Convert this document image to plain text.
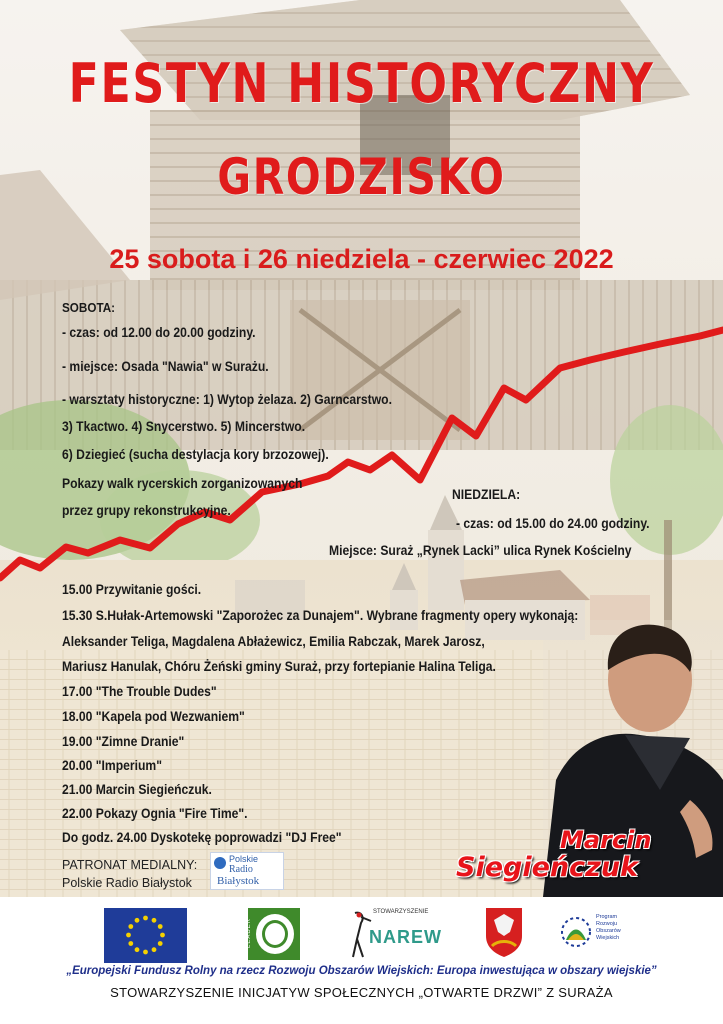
FESTYN HISTORYCZNY
GRODZISKO
25 sobota i 26 niedziela - czerwiec 2022
SOBOTA:
- czas: od 12.00 do 20.00 godziny.
- miejsce: Osada "Nawia" w Surażu.
- warsztaty historyczne: 1) Wytop żelaza. 2) Garncarstwo.
3) Tkactwo. 4) Snycerstwo. 5) Mincerstwo.
6) Dziegieć (sucha destylacja kory brzozowej).
Pokazy walk rycerskich zorganizowanych
przez grupy rekonstrukcyjne.
NIEDZIELA:
- czas: od 15.00 do 24.00 godziny.
Miejsce: Suraż „Rynek Lacki” ulica Rynek Kościelny
15.00 Przywitanie gości.
15.30 S.Hułak-Artemowski "Zaporożec za Dunajem". Wybrane fragmenty opery wykonają:
Aleksander Teliga, Magdalena Abłażewicz, Emilia Rabczak, Marek Jarosz,
Mariusz Hanulak, Chóru Żeński gminy Suraż, przy fortepianie Halina Teliga.
17.00 "The Trouble Dudes"
18.00 "Kapela pod Wezwaniem"
19.00 "Zimne Dranie"
20.00 "Imperium"
21.00 Marcin Siegieńczuk.
22.00 Pokazy Ognia "Fire Time".
Do godz. 24.00 Dyskotekę poprowadzi "DJ Free"
PATRONAT MEDIALNY:
Polskie Radio Białystok
Polskie
Radio
Białystok
Marcin
Siegieńczuk
LEADER
STOWARZYSZENIE
NAREW
Program
Rozwoju
Obszarów
Wiejskich
„Europejski Fundusz Rolny na rzecz Rozwoju Obszarów Wiejskich: Europa inwestująca w obszary wiejskie”
STOWARZYSZENIE INICJATYW SPOŁECZNYCH „OTWARTE DRZWI” Z SURAŻA
